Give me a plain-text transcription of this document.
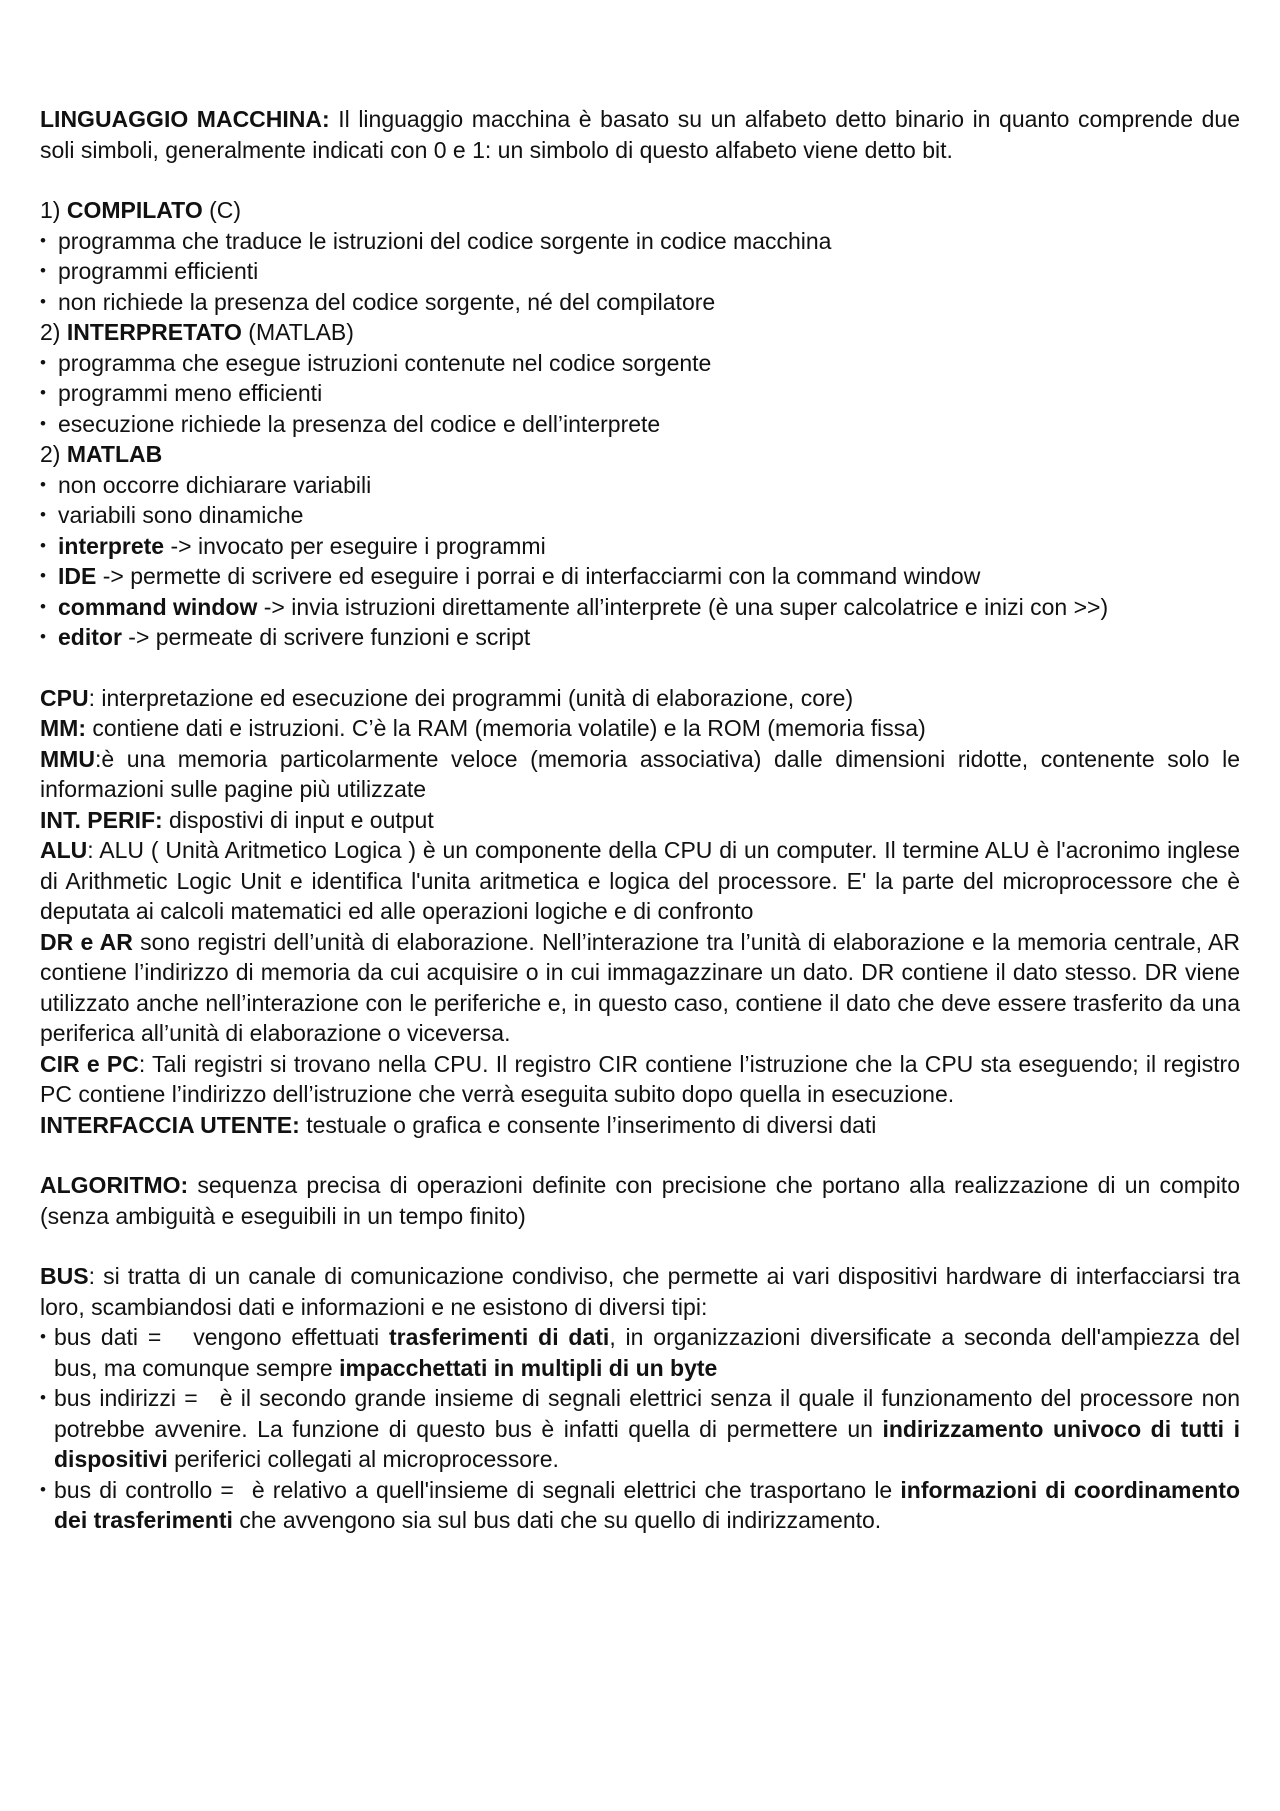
LINGUAGGIO MACCHINA: Il linguaggio macchina è basato su un alfabeto detto binario in quanto comprende due soli simboli, generalmente indicati con 0 e 1: un simbolo di questo alfabeto viene detto bit.

1) COMPILATO (C)

• programma che traduce le istruzioni del codice sorgente in codice macchina
• programmi efficienti
• non richiede la presenza del codice sorgente, né del compilatore

2) INTERPRETATO (MATLAB)

• programma che esegue istruzioni contenute nel codice sorgente
• programmi meno efficienti
• esecuzione richiede la presenza del codice e dell’interprete

2) MATLAB

• non occorre dichiarare variabili
• variabili sono dinamiche
• interprete -> invocato per eseguire i programmi
• IDE -> permette di scrivere ed eseguire i porrai e di interfacciarmi con la command window
• command window -> invia istruzioni direttamente all’interprete (è una super calcolatrice e inizi con >>)
• editor -> permeate di scrivere funzioni e script

CPU: interpretazione ed esecuzione dei programmi (unità di elaborazione, core)

MM: contiene dati e istruzioni. C’è la RAM (memoria volatile) e la ROM (memoria fissa)

MMU:è una memoria particolarmente veloce (memoria associativa) dalle dimensioni ridotte, contenente solo le informazioni sulle pagine più utilizzate

INT. PERIF: dispostivi di input e output

ALU: ALU ( Unità Aritmetico Logica ) è un componente della CPU di un computer. Il termine ALU è l'acronimo inglese di Arithmetic Logic Unit e identifica l'unita aritmetica e logica del processore. E' la parte del microprocessore che è deputata ai calcoli matematici ed alle operazioni logiche e di confronto

DR e AR sono registri dell’unità di elaborazione. Nell’interazione tra l’unità di elaborazione e la memoria centrale, AR contiene l’indirizzo di memoria da cui acquisire o in cui immagazzinare un dato. DR contiene il dato stesso. DR viene utilizzato anche nell’interazione con le periferiche e, in questo caso, contiene il dato che deve essere trasferito da una periferica all’unità di elaborazione o viceversa.

CIR e PC: Tali registri si trovano nella CPU. Il registro CIR contiene l’istruzione che la CPU sta eseguendo; il registro PC contiene l’indirizzo dell’istruzione che verrà eseguita subito dopo quella in esecuzione.

INTERFACCIA UTENTE: testuale o grafica e consente l’inserimento di diversi dati

ALGORITMO: sequenza precisa di operazioni definite con precisione che portano alla realizzazione di un compito (senza ambiguità e eseguibili in un tempo finito)

BUS: si tratta di un canale di comunicazione condiviso, che permette ai vari dispositivi hardware di interfacciarsi tra loro, scambiandosi dati e informazioni e ne esistono di diversi tipi:

• bus dati = vengono effettuati trasferimenti di dati, in organizzazioni diversificate a seconda dell'ampiezza del bus, ma comunque sempre impacchettati in multipli di un byte
• bus indirizzi = è il secondo grande insieme di segnali elettrici senza il quale il funzionamento del processore non potrebbe avvenire. La funzione di questo bus è infatti quella di permettere un indirizzamento univoco di tutti i dispositivi periferici collegati al microprocessore.
• bus di controllo = è relativo a quell'insieme di segnali elettrici che trasportano le informazioni di coordinamento dei trasferimenti che avvengono sia sul bus dati che su quello di indirizzamento.
